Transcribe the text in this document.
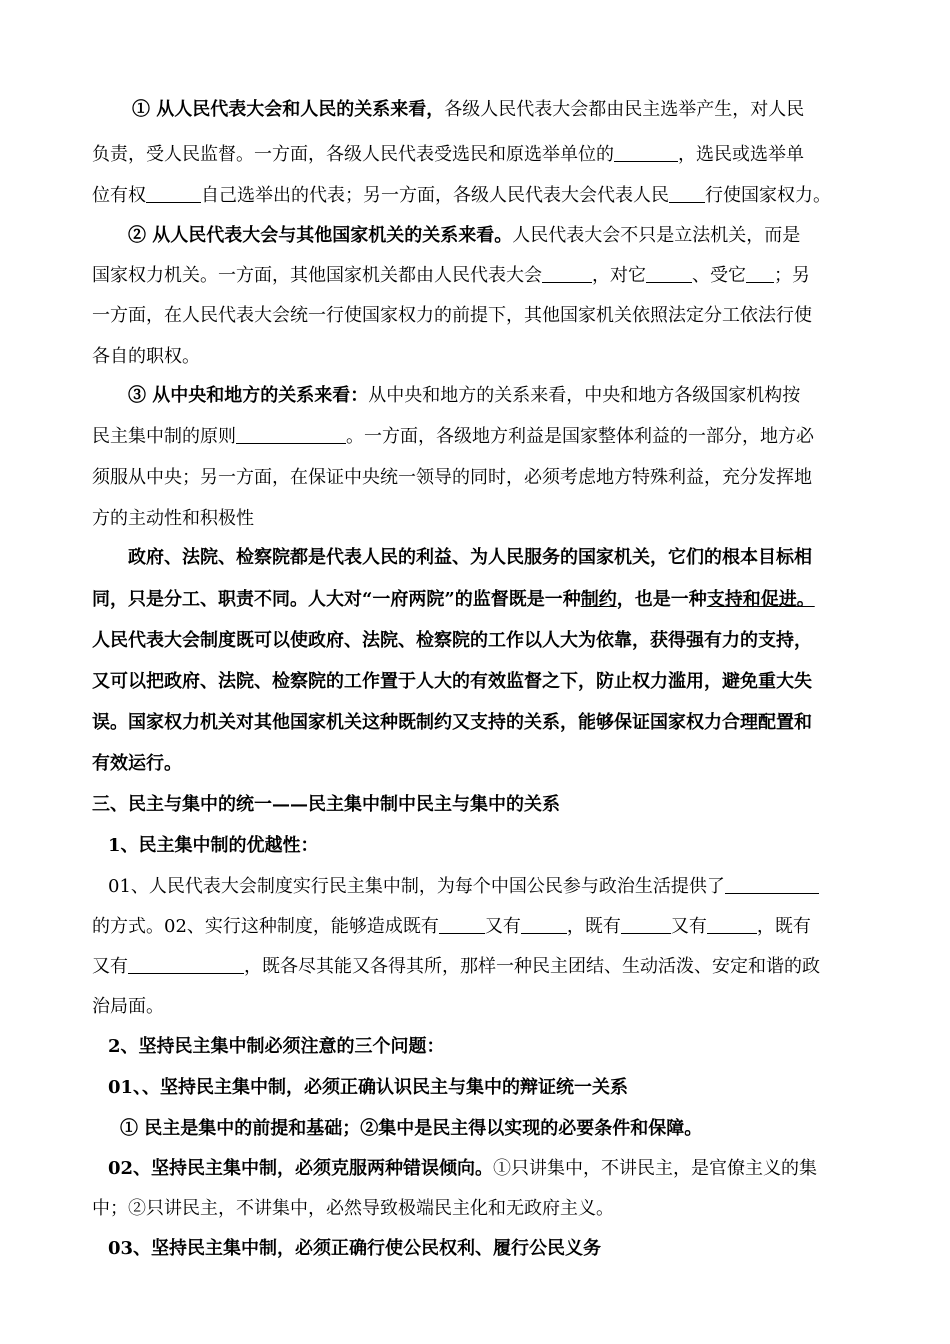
① 从人民代表大会和人民的关系来看，各级人民代表大会都由民主选举产生，对人民
负责，受人民监督。一方面，各级人民代表受选民和原选举单位的	，选民或选举单
位有权	自己选举出的代表；另一方面，各级人民代表大会代表人民 行使国家权力。
② 从人民代表大会与其他国家机关的关系来看。人民代表大会不只是立法机关，而是
国家权力机关。一方面，其他国家机关都由人民代表大会	，对它	、受它 ；另
一方面，在人民代表大会统一行使国家权力的前提下，其他国家机关依照法定分工依法行使
各自的职权。
③ 从中央和地方的关系来看：从中央和地方的关系来看，中央和地方各级国家机构按
民主集中制的原则	。一方面，各级地方利益是国家整体利益的一部分，地方必
须服从中央；另一方面，在保证中央统一领导的同时，必须考虑地方特殊利益，充分发挥地
方的主动性和积极性
政府、法院、检察院都是代表人民的利益、为人民服务的国家机关，它们的根本目标相
同，只是分工、职责不同。人大对“一府两院”的监督既是一种制约，也是一种支持和促进。
人民代表大会制度既可以使政府、法院、检察院的工作以人大为依靠，获得强有力的支持，
又可以把政府、法院、检察院的工作置于人大的有效监督之下，防止权力滥用，避免重大失
误。国家权力机关对其他国家机关这种既制约又支持的关系，能够保证国家权力合理配置和
有效运行。
三、民主与集中的统一——民主集中制中民主与集中的关系
1、民主集中制的优越性：
01、人民代表大会制度实行民主集中制，为每个中国公民参与政治生活提供了
的方式。02、实行这种制度，能够造成既有	又有	，既有	又有	，既有
又有	，既各尽其能又各得其所，那样一种民主团结、生动活泼、安定和谐的政
治局面。
2、坚持民主集中制必须注意的三个问题：
01、、坚持民主集中制，必须正确认识民主与集中的辩证统一关系
① 民主是集中的前提和基础；②集中是民主得以实现的必要条件和保障。
02、坚持民主集中制，必须克服两种错误倾向。①只讲集中，不讲民主，是官僚主义的集
中；②只讲民主，不讲集中，必然导致极端民主化和无政府主义。
03、坚持民主集中制，必须正确行使公民权利、履行公民义务
